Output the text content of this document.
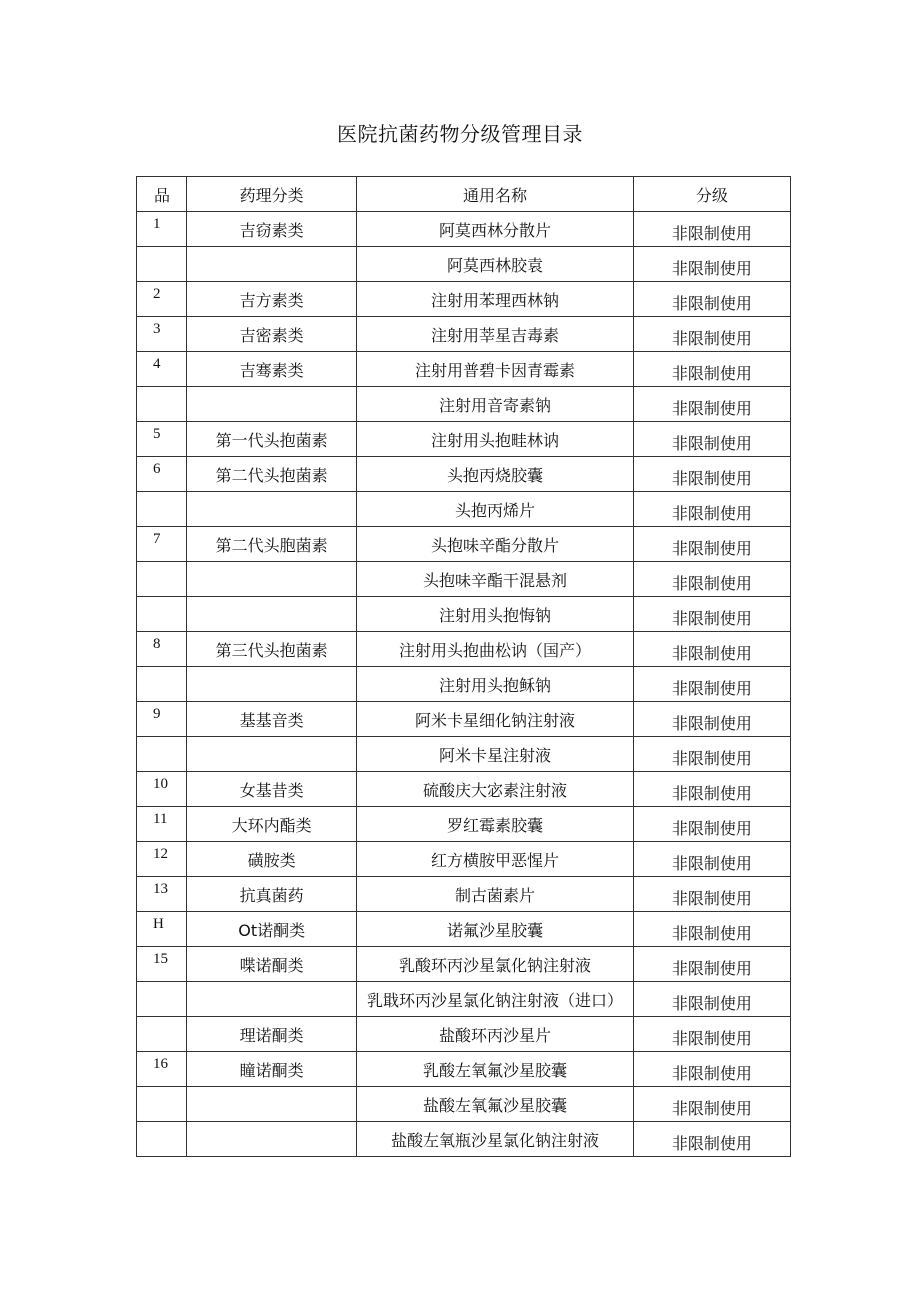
医院抗菌药物分级管理目录
品	药理分类	通用名称	分级
1	吉窃素类	阿莫西林分散片	非限制使用
		阿莫西林胶袁	非限制使用
2	吉方素类	注射用苯理西林钠	非限制使用
3	吉密素类	注射用莘星吉毒素	非限制使用
4	吉骞素类	注射用普碧卡因青霉素	非限制使用
		注射用音寄素钠	非限制使用
5	第一代头抱菌素	注射用头抱畦林讷	非限制使用
6	第二代头抱菌素	头抱丙烧胶囊	非限制使用
		头抱丙烯片	非限制使用
7	第二代头胞菌素	头抱味辛酯分散片	非限制使用
		头抱味辛酯干混悬剂	非限制使用
		注射用头抱悔钠	非限制使用
8	第三代头抱菌素	注射用头抱曲松讷（国产）	非限制使用
		注射用头抱稣钠	非限制使用
9	基基音类	阿米卡星细化钠注射液	非限制使用
		阿米卡星注射液	非限制使用
10	女基昔类	硫酸庆大宓素注射液	非限制使用
11	大环内酯类	罗红霉素胶囊	非限制使用
12	磺胺类	红方横胺甲恶惺片	非限制使用
13	抗真菌药	制古菌素片	非限制使用
H	Ot诺酮类	诺氟沙星胶囊	非限制使用
15	喋诺酮类	乳酸环丙沙星氯化钠注射液	非限制使用
		乳戢环丙沙星氯化钠注射液（进口）	非限制使用
	理诺酮类	盐酸环丙沙星片	非限制使用
16	瞳诺酮类	乳酸左氧氟沙星胶囊	非限制使用
		盐酸左氧氟沙星胶囊	非限制使用
		盐酸左氧瓶沙星氯化钠注射液	非限制使用
